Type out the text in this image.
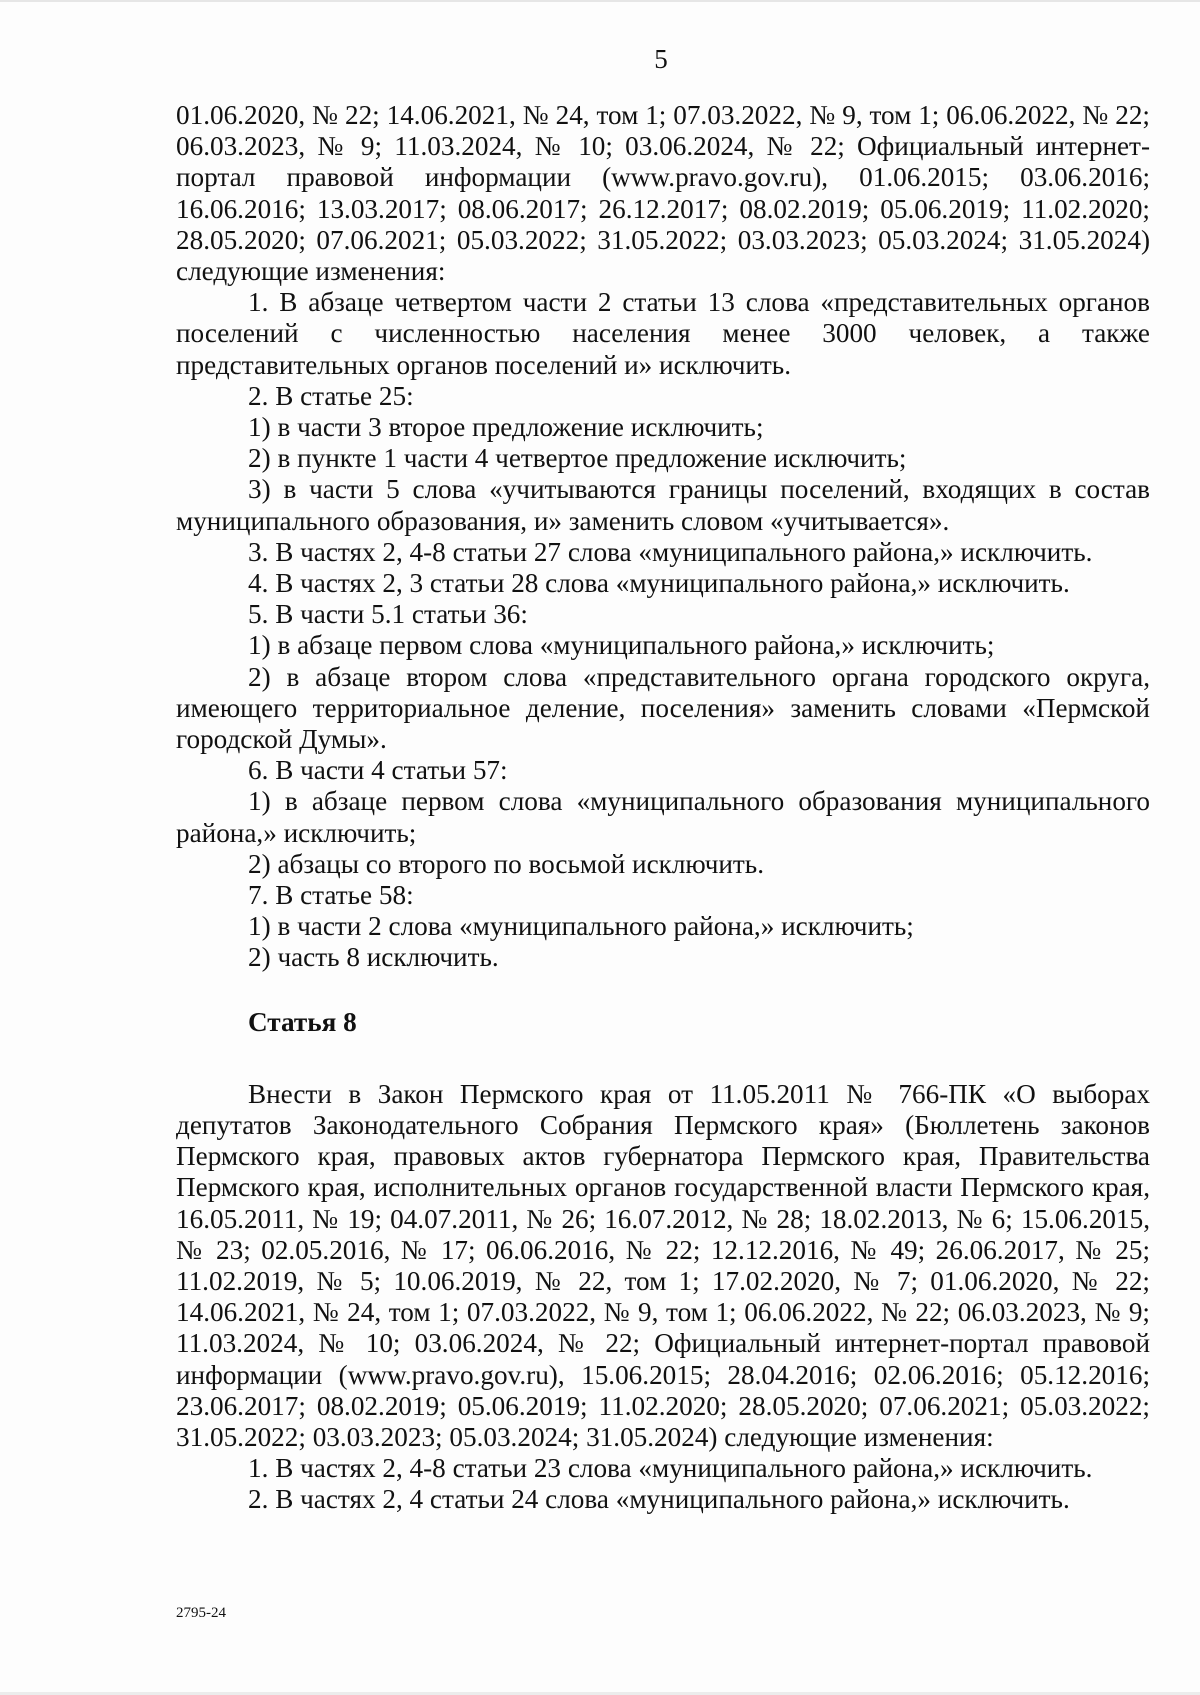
5

01.06.2020, № 22; 14.06.2021, № 24, том 1; 07.03.2022, № 9, том 1; 06.06.2022, № 22; 06.03.2023, № 9; 11.03.2024, № 10; 03.06.2024, № 22; Официальный интернет-портал правовой информации (www.pravo.gov.ru), 01.06.2015; 03.06.2016; 16.06.2016; 13.03.2017; 08.06.2017; 26.12.2017; 08.02.2019; 05.06.2019; 11.02.2020; 28.05.2020; 07.06.2021; 05.03.2022; 31.05.2022; 03.03.2023; 05.03.2024; 31.05.2024) следующие изменения:

1. В абзаце четвертом части 2 статьи 13 слова «представительных органов поселений с численностью населения менее 3000 человек, а также представительных органов поселений и» исключить.

2. В статье 25:

1) в части 3 второе предложение исключить;

2) в пункте 1 части 4 четвертое предложение исключить;

3) в части 5 слова «учитываются границы поселений, входящих в состав муниципального образования, и» заменить словом «учитывается».

3. В частях 2, 4-8 статьи 27 слова «муниципального района,» исключить.

4. В частях 2, 3 статьи 28 слова «муниципального района,» исключить.

5. В части 5.1 статьи 36:

1) в абзаце первом слова «муниципального района,» исключить;

2) в абзаце втором слова «представительного органа городского округа, имеющего территориальное деление, поселения» заменить словами «Пермской городской Думы».

6. В части 4 статьи 57:

1) в абзаце первом слова «муниципального образования муниципального района,» исключить;

2) абзацы со второго по восьмой исключить.

7. В статье 58:

1) в части 2 слова «муниципального района,» исключить;

2) часть 8 исключить.

Статья 8

Внести в Закон Пермского края от 11.05.2011 № 766-ПК «О выборах депутатов Законодательного Собрания Пермского края» (Бюллетень законов Пермского края, правовых актов губернатора Пермского края, Правительства Пермского края, исполнительных органов государственной власти Пермского края, 16.05.2011, № 19; 04.07.2011, № 26; 16.07.2012, № 28; 18.02.2013, № 6; 15.06.2015, № 23; 02.05.2016, № 17; 06.06.2016, № 22; 12.12.2016, № 49; 26.06.2017, № 25; 11.02.2019, № 5; 10.06.2019, № 22, том 1; 17.02.2020, № 7; 01.06.2020, № 22; 14.06.2021, № 24, том 1; 07.03.2022, № 9, том 1; 06.06.2022, № 22; 06.03.2023, № 9; 11.03.2024, № 10; 03.06.2024, № 22; Официальный интернет-портал правовой информации (www.pravo.gov.ru), 15.06.2015; 28.04.2016; 02.06.2016; 05.12.2016; 23.06.2017; 08.02.2019; 05.06.2019; 11.02.2020; 28.05.2020; 07.06.2021; 05.03.2022; 31.05.2022; 03.03.2023; 05.03.2024; 31.05.2024) следующие изменения:

1. В частях 2, 4-8 статьи 23 слова «муниципального района,» исключить.

2. В частях 2, 4 статьи 24 слова «муниципального района,» исключить.

2795-24
